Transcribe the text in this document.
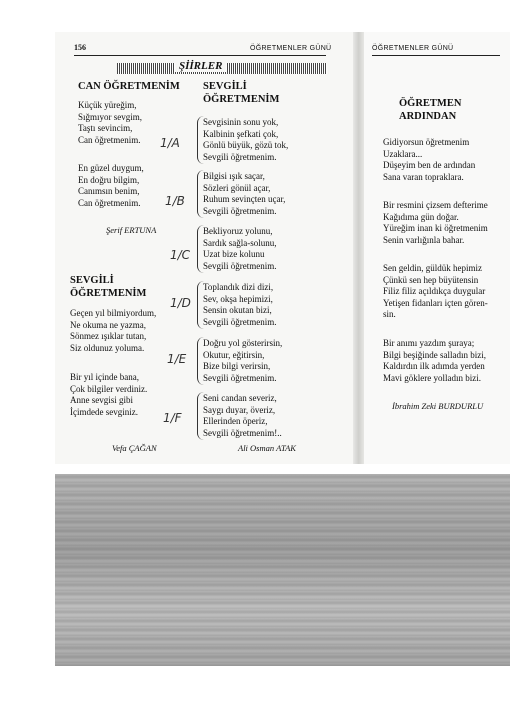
156	ÖĞRETMENLER GÜNÜ
ŞİİRLER
CAN ÖĞRETMENİM
Küçük yüreğim,
Sığmıyor sevgim,
Taştı sevincim,
Can öğretmenim.
En güzel duygum,
En doğru bilgim,
Canımsın benim,
Can öğretmenim.
Şerif ERTUNA
SEVGİLİ
ÖĞRETMENİM
Geçen yıl bilmiyordum,
Ne okuma ne yazma,
Sönmez ışıklar tutan,
Siz oldunuz yoluma.
Bir yıl içinde bana,
Çok bilgiler verdiniz.
Anne sevgisi gibi
İçimdede sevginiz.
Vefa ÇAĞAN
SEVGİLİ
ÖĞRETMENİM
Sevgisinin sonu yok,
Kalbinin şefkati çok,
Gönlü büyük, gözü tok,
Sevgili öğretmenim.
Bilgisi ışık saçar,
Sözleri gönül açar,
Ruhum sevinçten uçar,
Sevgili öğretmenim.
Bekliyoruz yolunu,
Sardık sağla-solunu,
Uzat bize kolunu
Sevgili öğretmenim.
Toplandık dizi dizi,
Sev, okşa hepimizi,
Sensin okutan bizi,
Sevgili öğretmenim.
Doğru yol gösterirsin,
Okutur, eğitirsin,
Bize bilgi verirsin,
Sevgili öğretmenim.
Seni candan severiz,
Saygı duyar, överiz,
Ellerinden öperiz,
Sevgili öğretmenim!..
Ali Osman ATAK
1/A
1/B
1/C
1/D
1/E
1/F
ÖĞRETMENLER GÜNÜ
ÖĞRETMEN
ARDINDAN
Gidiyorsun öğretmenim
Uzaklara...
Düşeyim ben de ardından
Sana varan topraklara.
Bir resmini çizsem defterime
Kağıdıma gün doğar.
Yüreğim inan ki öğretmenim
Senin varlığınla bahar.
Sen geldin, güldük hepimiz
Çünkü sen hep büyütensin
Filiz filiz açıldıkça duygular
Yetişen fidanları içten gören-
sin.
Bir anımı yazdım şuraya;
Bilgi beşiğinde salladın bizi,
Kaldırdın ilk adımda yerden
Mavi göklere yolladın bizi.
İbrahim Zeki BURDURLU
